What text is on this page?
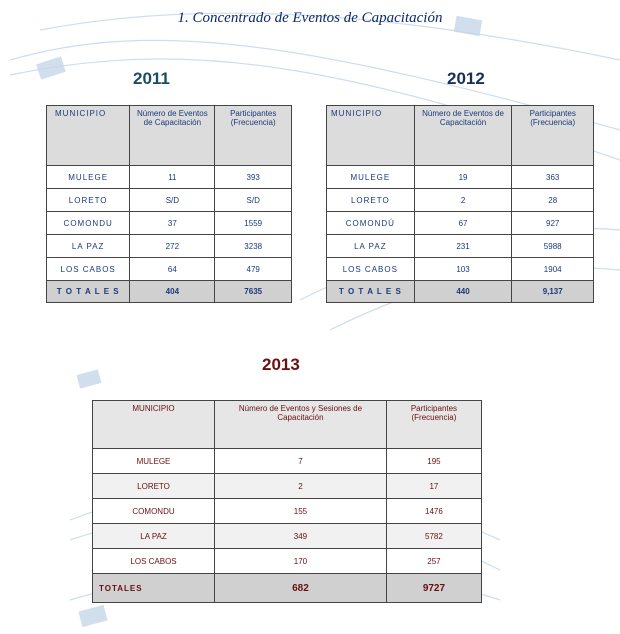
1. Concentrado de Eventos de Capacitación
2011	2012
2013
MUNICIPIO	Número de Eventos de Capacitación	Participantes (Frecuencia)
MULEGE	11	393
LORETO	S/D	S/D
COMONDU	37	1559
LA PAZ	272	3238
LOS CABOS	64	479
T O T A L E S	404	7635
MUNICIPIO	Número de Eventos de Capacitación	Participantes (Frecuencia)
MULEGE	19	363
LORETO	2	28
COMONDÚ	67	927
LA PAZ	231	5988
LOS CABOS	103	1904
T O T A L E S	440	9,137
MUNICIPIO	Número de Eventos y Sesiones de Capacitación	Participantes (Frecuencia)
MULEGE	7	195
LORETO	2	17
COMONDU	155	1476
LA PAZ	349	5782
LOS CABOS	170	257
TOTALES	682	9727
